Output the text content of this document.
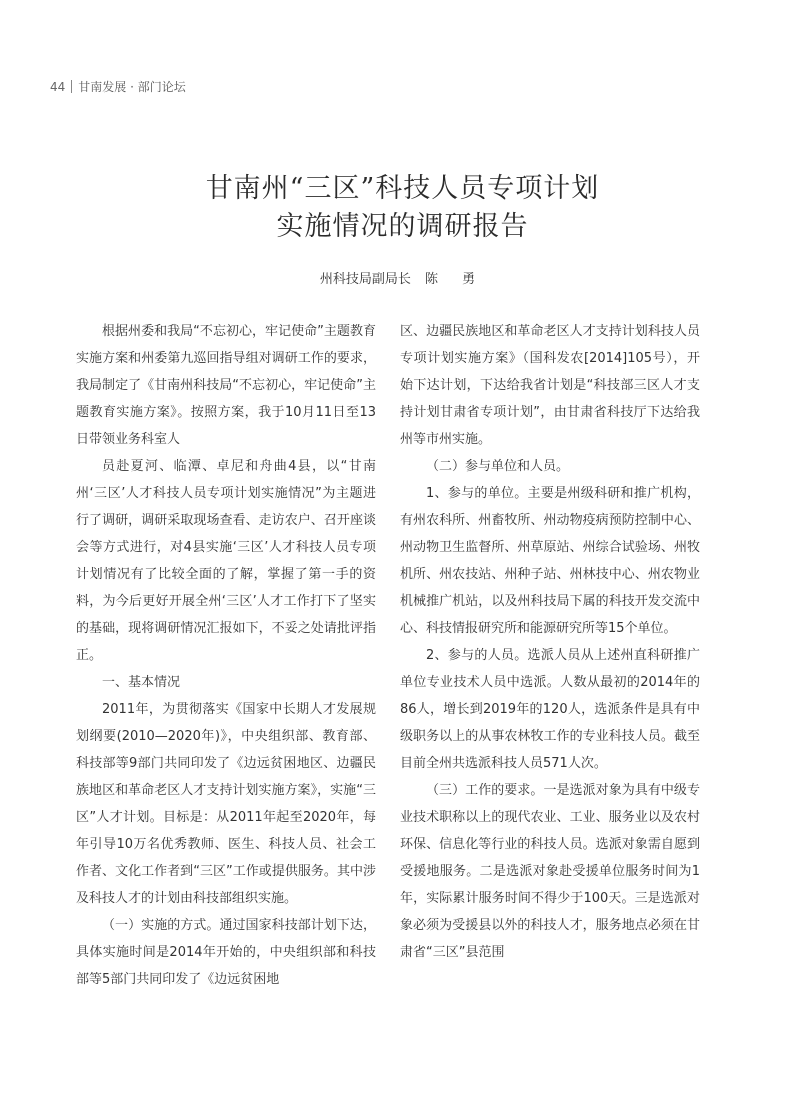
44 甘南发展 · 部门论坛
甘南州“三区”科技人员专项计划
实施情况的调研报告
州科技局副局长 陈 勇

根据州委和我局“不忘初心，牢记使命”主题教育实施方案和州委第九巡回指导组对调研工作的要求，我局制定了《甘南州科技局“不忘初心，牢记使命”主题教育实施方案》。按照方案，我于10月11日至13日带领业务科室人

员赴夏河、临潭、卓尼和舟曲4县，以“甘南州‘三区’人才科技人员专项计划实施情况”为主题进行了调研，调研采取现场查看、走访农户、召开座谈会等方式进行，对4县实施‘三区’人才科技人员专项计划情况有了比较全面的了解，掌握了第一手的资料，为今后更好开展全州‘三区’人才工作打下了坚实的基础，现将调研情况汇报如下，不妥之处请批评指正。

一、基本情况

2011年，为贯彻落实《国家中长期人才发展规划纲要(2010—2020年)》，中央组织部、教育部、科技部等9部门共同印发了《边远贫困地区、边疆民族地区和革命老区人才支持计划实施方案》，实施“三区”人才计划。目标是：从2011年起至2020年，每年引导10万名优秀教师、医生、科技人员、社会工作者、文化工作者到“三区”工作或提供服务。其中涉及科技人才的计划由科技部组织实施。

（一）实施的方式。通过国家科技部计划下达，具体实施时间是2014年开始的，中央组织部和科技部等5部门共同印发了《边远贫困地

区、边疆民族地区和革命老区人才支持计划科技人员专项计划实施方案》（国科发农[2014]105号），开始下达计划，下达给我省计划是“科技部三区人才支持计划甘肃省专项计划”，由甘肃省科技厅下达给我州等市州实施。

（二）参与单位和人员。

1、参与的单位。主要是州级科研和推广机构，有州农科所、州畜牧所、州动物疫病预防控制中心、州动物卫生监督所、州草原站、州综合试验场、州牧机所、州农技站、州种子站、州林技中心、州农物业机械推广机站，以及州科技局下属的科技开发交流中心、科技情报研究所和能源研究所等15个单位。

2、参与的人员。选派人员从上述州直科研推广单位专业技术人员中选派。人数从最初的2014年的86人，增长到2019年的120人，选派条件是具有中级职务以上的从事农林牧工作的专业科技人员。截至目前全州共选派科技人员571人次。

（三）工作的要求。一是选派对象为具有中级专业技术职称以上的现代农业、工业、服务业以及农村环保、信息化等行业的科技人员。选派对象需自愿到受援地服务。二是选派对象赴受援单位服务时间为1年，实际累计服务时间不得少于100天。三是选派对象必须为受援县以外的科技人才，服务地点必须在甘肃省“三区”县范围
